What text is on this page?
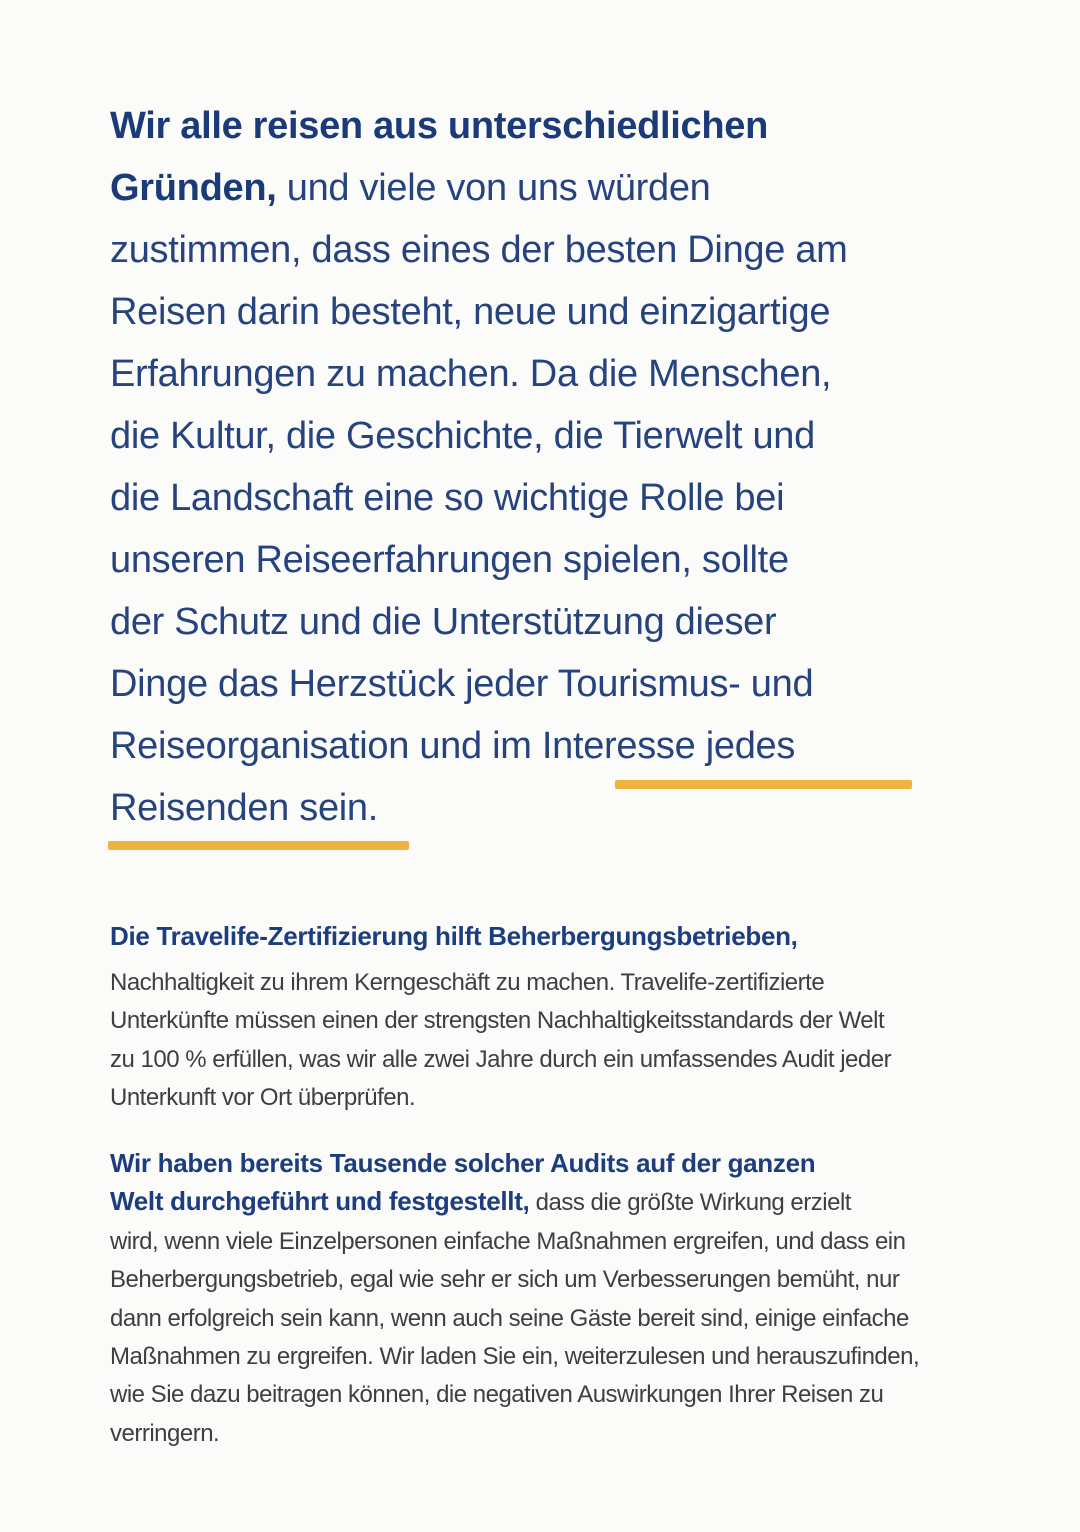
Wir alle reisen aus unterschiedlichen
Gründen, und viele von uns würden
zustimmen, dass eines der besten Dinge am
Reisen darin besteht, neue und einzigartige
Erfahrungen zu machen. Da die Menschen,
die Kultur, die Geschichte, die Tierwelt und
die Landschaft eine so wichtige Rolle bei
unseren Reiseerfahrungen spielen, sollte
der Schutz und die Unterstützung dieser
Dinge das Herzstück jeder Tourismus- und
Reiseorganisation und im Interesse jedes
Reisenden sein.
Die Travelife-Zertifizierung hilft Beherbergungsbetrieben,
Nachhaltigkeit zu ihrem Kerngeschäft zu machen. Travelife-zertifizierte
Unterkünfte müssen einen der strengsten Nachhaltigkeitsstandards der Welt
zu 100 % erfüllen, was wir alle zwei Jahre durch ein umfassendes Audit jeder
Unterkunft vor Ort überprüfen.
Wir haben bereits Tausende solcher Audits auf der ganzen
Welt durchgeführt und festgestellt, dass die größte Wirkung erzielt
wird, wenn viele Einzelpersonen einfache Maßnahmen ergreifen, und dass ein
Beherbergungsbetrieb, egal wie sehr er sich um Verbesserungen bemüht, nur
dann erfolgreich sein kann, wenn auch seine Gäste bereit sind, einige einfache
Maßnahmen zu ergreifen. Wir laden Sie ein, weiterzulesen und herauszufinden,
wie Sie dazu beitragen können, die negativen Auswirkungen Ihrer Reisen zu
verringern.
